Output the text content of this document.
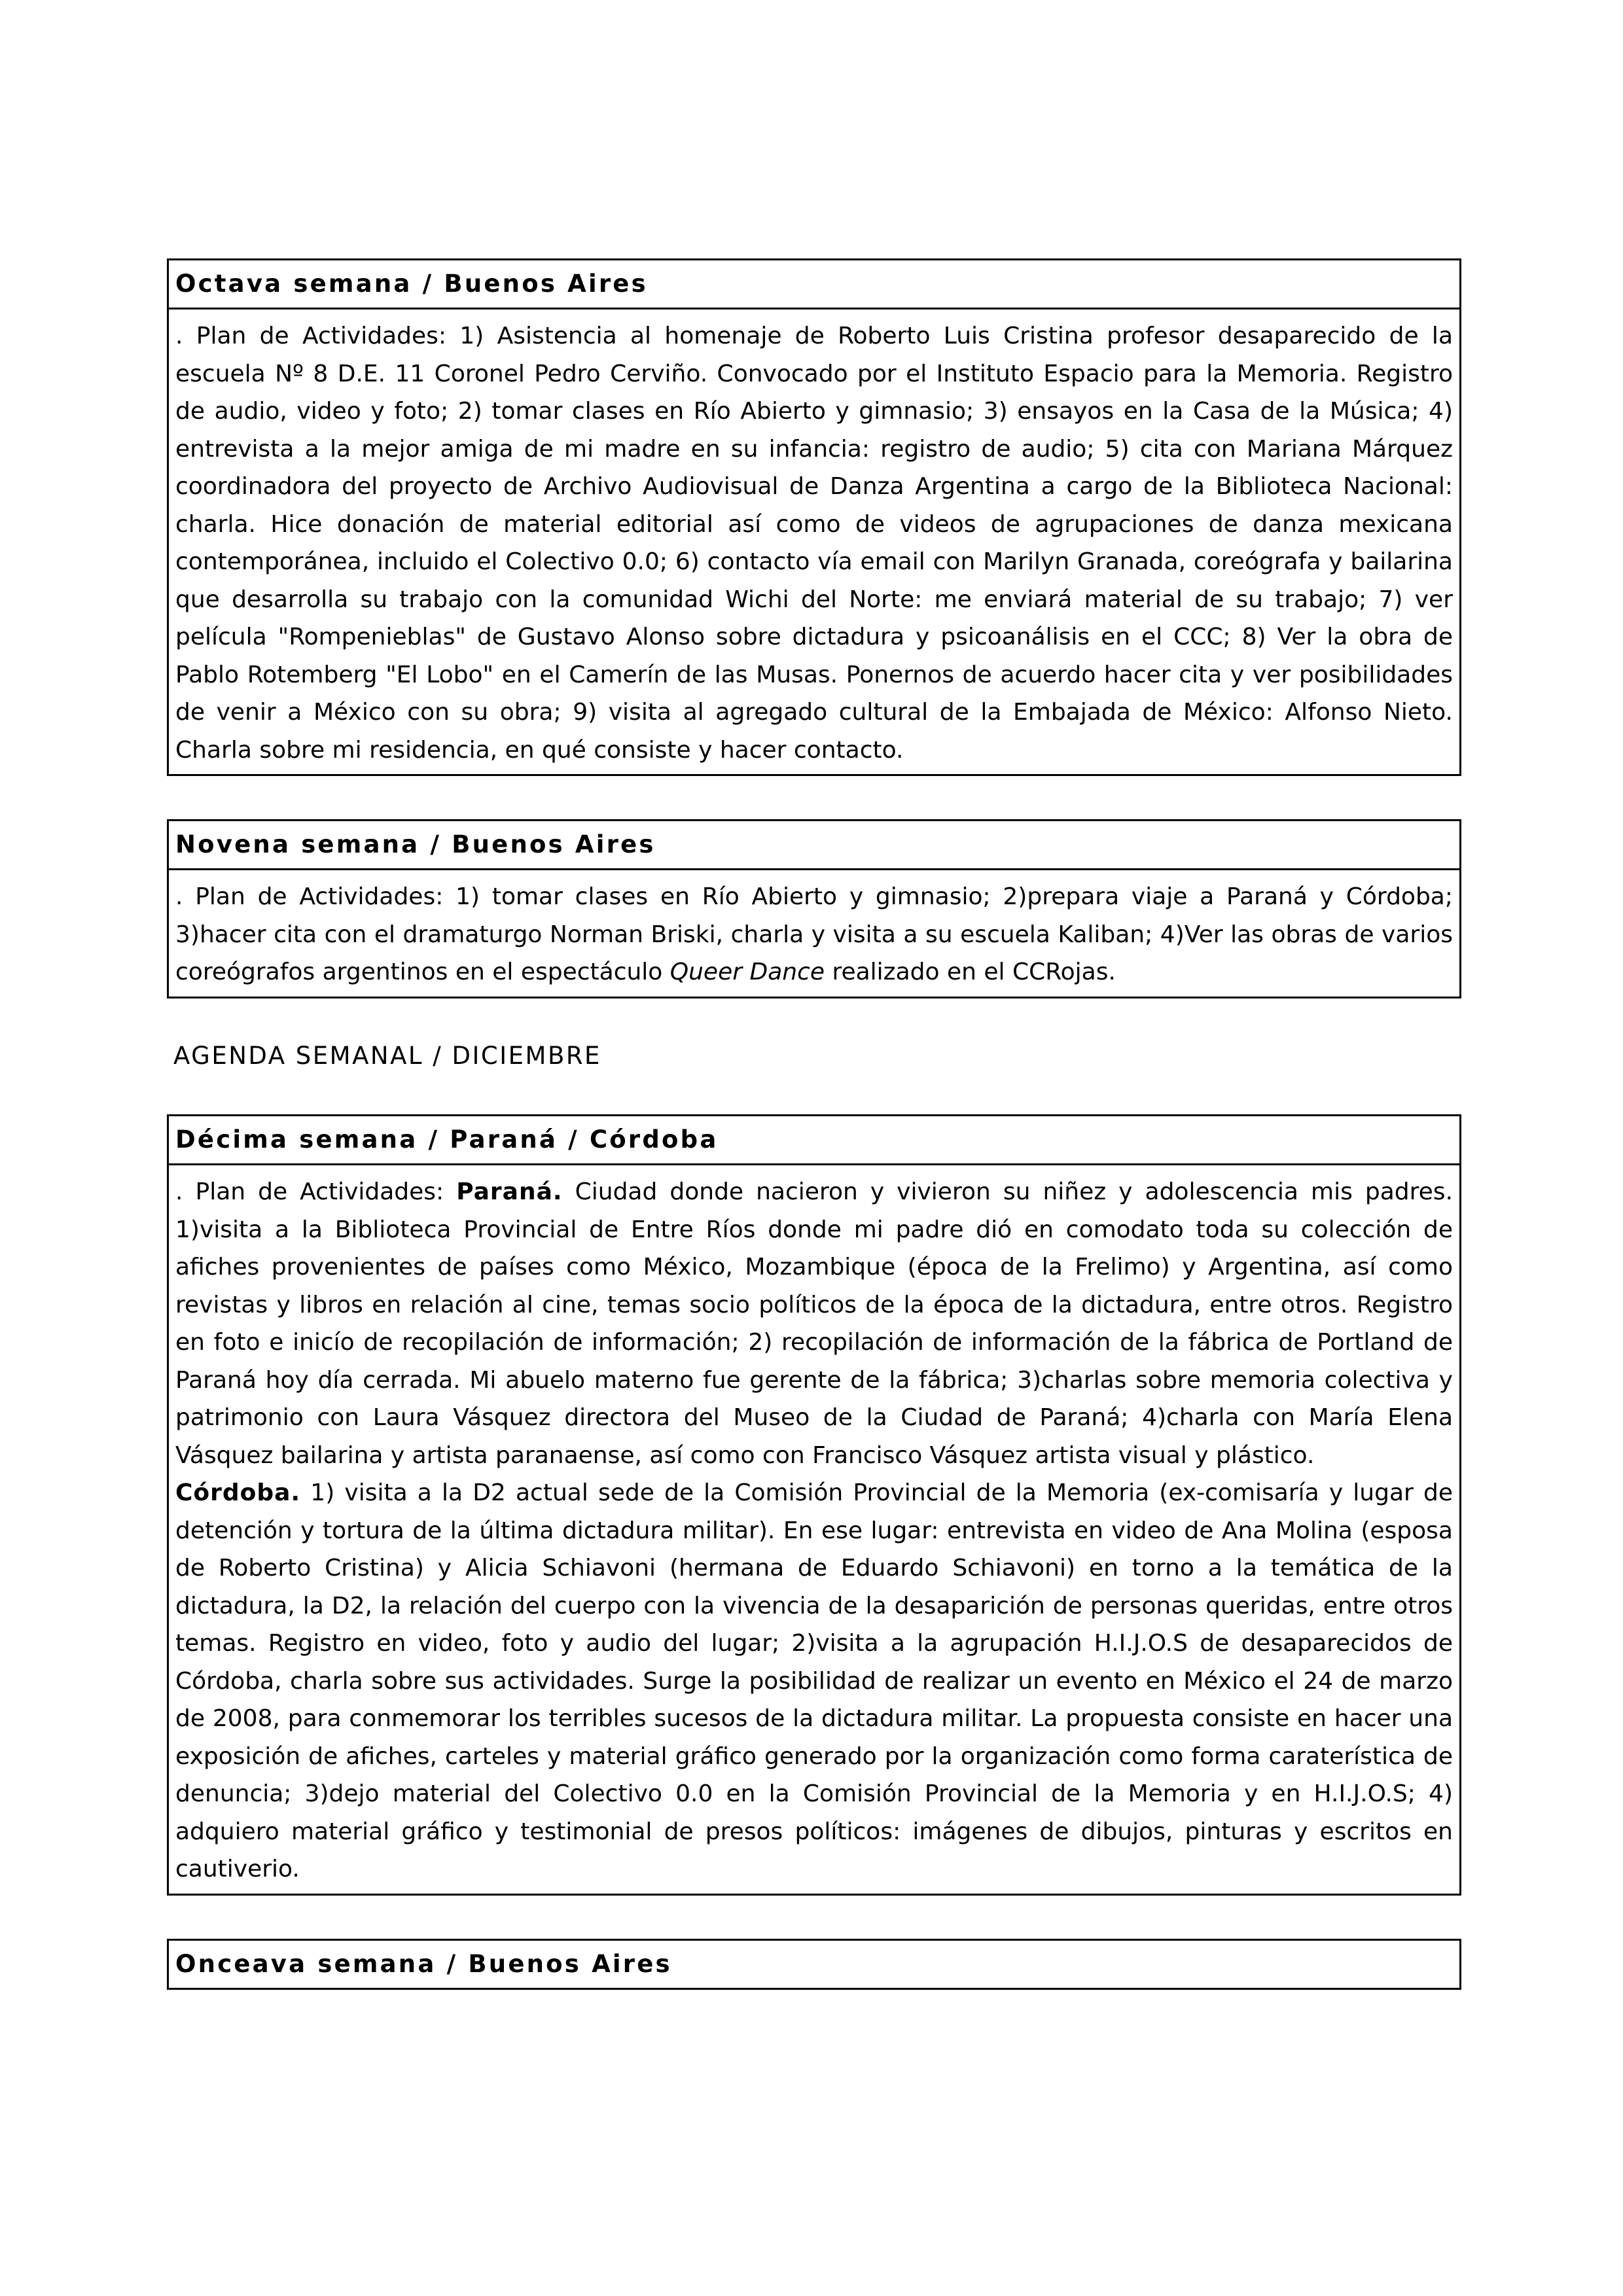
Octava semana / Buenos Aires

. Plan de Actividades: 1) Asistencia al homenaje de Roberto Luis Cristina profesor desaparecido de la escuela Nº 8 D.E. 11 Coronel Pedro Cerviño. Convocado por el Instituto Espacio para la Memoria. Registro de audio, video y foto; 2) tomar clases en Río Abierto y gimnasio; 3) ensayos en la Casa de la Música; 4) entrevista a la mejor amiga de mi madre en su infancia: registro de audio; 5) cita con Mariana Márquez coordinadora del proyecto de Archivo Audiovisual de Danza Argentina a cargo de la Biblioteca Nacional: charla. Hice donación de material editorial así como de videos de agrupaciones de danza mexicana contemporánea, incluido el Colectivo 0.0; 6) contacto vía email con Marilyn Granada, coreógrafa y bailarina que desarrolla su trabajo con la comunidad Wichi del Norte: me enviará material de su trabajo; 7) ver película "Rompenieblas" de Gustavo Alonso sobre dictadura y psicoanálisis en el CCC; 8) Ver la obra de Pablo Rotemberg "El Lobo" en el Camerín de las Musas. Ponernos de acuerdo hacer cita y ver posibilidades de venir a México con su obra; 9) visita al agregado cultural de la Embajada de México: Alfonso Nieto. Charla sobre mi residencia, en qué consiste y hacer contacto.

Novena semana / Buenos Aires

. Plan de Actividades: 1) tomar clases en Río Abierto y gimnasio; 2)prepara viaje a Paraná y Córdoba; 3)hacer cita con el dramaturgo Norman Briski, charla y visita a su escuela Kaliban; 4)Ver las obras de varios coreógrafos argentinos en el espectáculo Queer Dance realizado en el CCRojas.

AGENDA SEMANAL / DICIEMBRE
Décima semana / Paraná / Córdoba

. Plan de Actividades: Paraná. Ciudad donde nacieron y vivieron su niñez y adolescencia mis padres. 1)visita a la Biblioteca Provincial de Entre Ríos donde mi padre dió en comodato toda su colección de afiches provenientes de países como México, Mozambique (época de la Frelimo) y Argentina, así como revistas y libros en relación al cine, temas socio políticos de la época de la dictadura, entre otros. Registro en foto e inicío de recopilación de información; 2) recopilación de información de la fábrica de Portland de Paraná hoy día cerrada. Mi abuelo materno fue gerente de la fábrica; 3)charlas sobre memoria colectiva y patrimonio con Laura Vásquez directora del Museo de la Ciudad de Paraná; 4)charla con María Elena Vásquez bailarina y artista paranaense, así como con Francisco Vásquez artista visual y plástico.

Córdoba. 1) visita a la D2 actual sede de la Comisión Provincial de la Memoria (ex-comisaría y lugar de detención y tortura de la última dictadura militar). En ese lugar: entrevista en video de Ana Molina (esposa de Roberto Cristina) y Alicia Schiavoni (hermana de Eduardo Schiavoni) en torno a la temática de la dictadura, la D2, la relación del cuerpo con la vivencia de la desaparición de personas queridas, entre otros temas. Registro en video, foto y audio del lugar; 2)visita a la agrupación H.I.J.O.S de desaparecidos de Córdoba, charla sobre sus actividades. Surge la posibilidad de realizar un evento en México el 24 de marzo de 2008, para conmemorar los terribles sucesos de la dictadura militar. La propuesta consiste en hacer una exposición de afiches, carteles y material gráfico generado por la organización como forma caraterística de denuncia; 3)dejo material del Colectivo 0.0 en la Comisión Provincial de la Memoria y en H.I.J.O.S; 4) adquiero material gráfico y testimonial de presos políticos: imágenes de dibujos, pinturas y escritos en cautiverio.

Onceava semana / Buenos Aires
